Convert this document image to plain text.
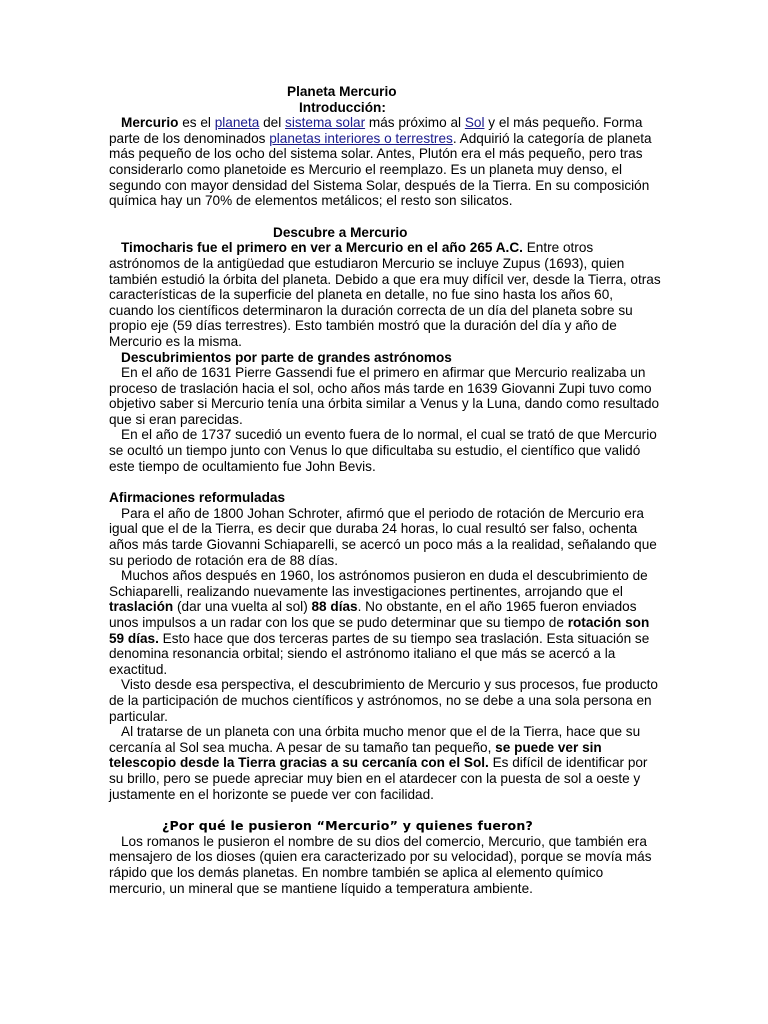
Planeta Mercurio
Introducción:

Mercurio es el planeta del sistema solar más próximo al Sol y el más pequeño. Forma parte de los denominados planetas interiores o terrestres. Adquirió la categoría de planeta más pequeño de los ocho del sistema solar. Antes, Plutón era el más pequeño, pero tras considerarlo como planetoide es Mercurio el reemplazo. Es un planeta muy denso, el segundo con mayor densidad del Sistema Solar, después de la Tierra. En su composición química hay un 70% de elementos metálicos; el resto son silicatos.

Descubre a Mercurio

Timocharis fue el primero en ver a Mercurio en el año 265 A.C. Entre otros astrónomos de la antigüedad que estudiaron Mercurio se incluye Zupus (1693), quien también estudió la órbita del planeta. Debido a que era muy difícil ver, desde la Tierra, otras características de la superficie del planeta en detalle, no fue sino hasta los años 60, cuando los científicos determinaron la duración correcta de un día del planeta sobre su propio eje (59 días terrestres). Esto también mostró que la duración del día y año de Mercurio es la misma.

Descubrimientos por parte de grandes astrónomos

En el año de 1631 Pierre Gassendi fue el primero en afirmar que Mercurio realizaba un proceso de traslación hacia el sol, ocho años más tarde en 1639 Giovanni Zupi tuvo como objetivo saber si Mercurio tenía una órbita similar a Venus y la Luna, dando como resultado que si eran parecidas.

En el año de 1737 sucedió un evento fuera de lo normal, el cual se trató de que Mercurio se ocultó un tiempo junto con Venus lo que dificultaba su estudio, el científico que validó este tiempo de ocultamiento fue John Bevis.

Afirmaciones reformuladas

Para el año de 1800 Johan Schroter, afirmó que el periodo de rotación de Mercurio era igual que el de la Tierra, es decir que duraba 24 horas, lo cual resultó ser falso, ochenta años más tarde Giovanni Schiaparelli, se acercó un poco más a la realidad, señalando que su periodo de rotación era de 88 días.

Muchos años después en 1960, los astrónomos pusieron en duda el descubrimiento de Schiaparelli, realizando nuevamente las investigaciones pertinentes, arrojando que el traslación (dar una vuelta al sol) 88 días. No obstante, en el año 1965 fueron enviados unos impulsos a un radar con los que se pudo determinar que su tiempo de rotación son 59 días. Esto hace que dos terceras partes de su tiempo sea traslación. Esta situación se denomina resonancia orbital; siendo el astrónomo italiano el que más se acercó a la exactitud.

Visto desde esa perspectiva, el descubrimiento de Mercurio y sus procesos, fue producto de la participación de muchos científicos y astrónomos, no se debe a una sola persona en particular.

Al tratarse de un planeta con una órbita mucho menor que el de la Tierra, hace que su cercanía al Sol sea mucha. A pesar de su tamaño tan pequeño, se puede ver sin telescopio desde la Tierra gracias a su cercanía con el Sol. Es difícil de identificar por su brillo, pero se puede apreciar muy bien en el atardecer con la puesta de sol a oeste y justamente en el horizonte se puede ver con facilidad.

¿Por qué le pusieron “Mercurio” y quienes fueron?

Los romanos le pusieron el nombre de su dios del comercio, Mercurio, que también era mensajero de los dioses (quien era caracterizado por su velocidad), porque se movía más rápido que los demás planetas. En nombre también se aplica al elemento químico mercurio, un mineral que se mantiene líquido a temperatura ambiente.
